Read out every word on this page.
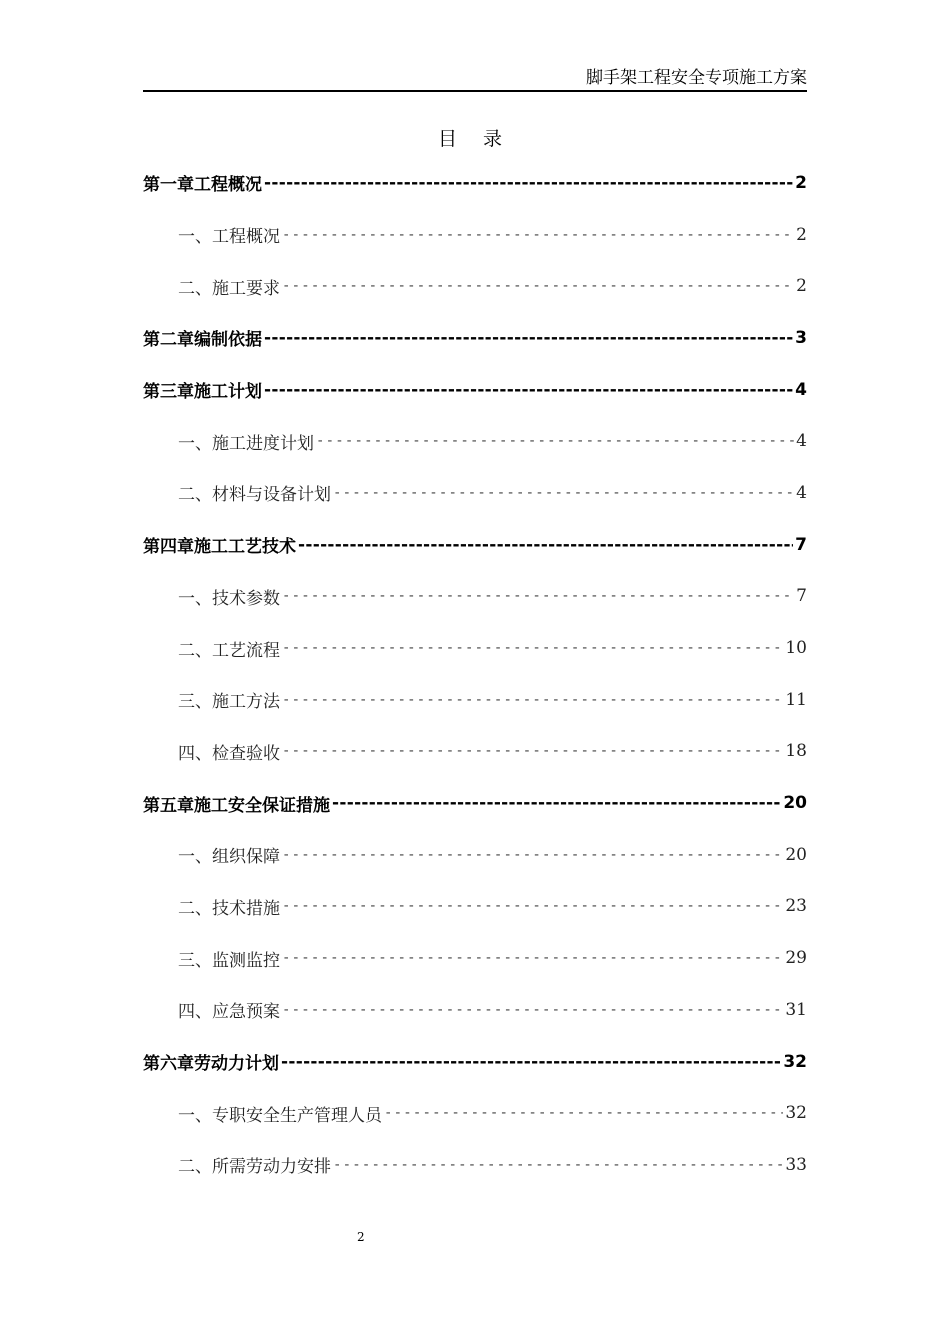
脚手架工程安全专项施工方案
目 录
第一章 工程概况 -----	2
一、 工程概况 -----	2
二、 施工要求 -----	2
第二章 编制依据 -----	3
第三章 施工计划 -----	4
一、 施工进度计划 -----	4
二、 材料与设备计划 -----	4
第四章 施工工艺技术 -----	7
一、 技术参数 -----	7
二、 工艺流程 -----	10
三、 施工方法 -----	11
四、 检查验收 -----	18
第五章 施工安全保证措施 -----	20
一、 组织保障 -----	20
二、 技术措施 -----	23
三、 监测监控 -----	29
四、 应急预案 -----	31
第六章 劳动力计划 -----	32
一、 专职安全生产管理人员 -----	32
二、 所需劳动力安排 -----	33
2
